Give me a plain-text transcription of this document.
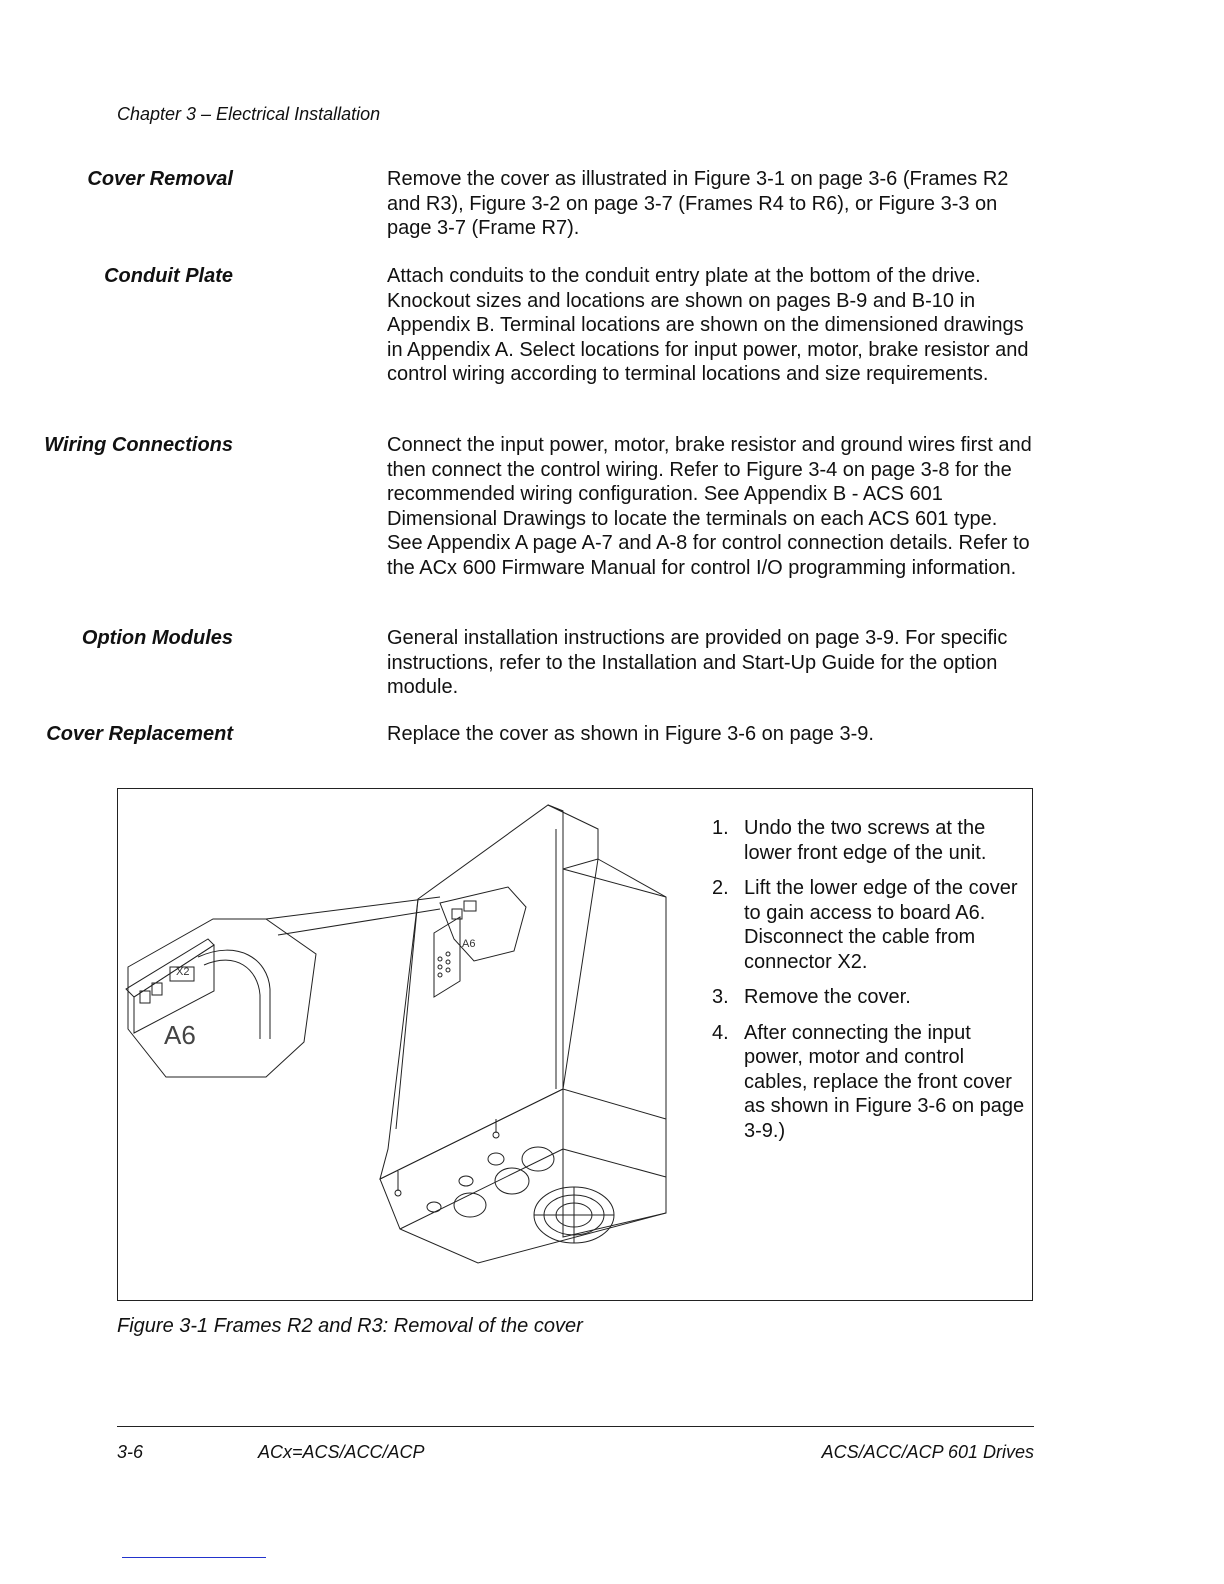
Chapter 3 – Electrical Installation
Cover Removal	Remove the cover as illustrated in Figure 3-1 on page 3-6 (Frames R2 and R3), Figure 3-2 on page 3-7 (Frames R4 to R6), or Figure 3-3 on page 3-7 (Frame R7).
Conduit Plate	Attach conduits to the conduit entry plate at the bottom of the drive. Knockout sizes and locations are shown on pages B-9 and B-10 in Appendix B. Terminal locations are shown on the dimensioned drawings in Appendix A. Select locations for input power, motor, brake resistor and control wiring according to terminal locations and size requirements.
Wiring Connections	Connect the input power, motor, brake resistor and ground wires first and then connect the control wiring. Refer to Figure 3-4 on page 3-8 for the recommended wiring configuration. See Appendix B - ACS 601 Dimensional Drawings to locate the terminals on each ACS 601 type. See Appendix A page A-7 and A-8 for control connection details. Refer to the ACx 600 Firmware Manual for control I/O programming information.
Option Modules	General installation instructions are provided on page 3-9. For specific instructions, refer to the Installation and Start-Up Guide for the option module.
Cover Replacement	Replace the cover as shown in Figure 3-6 on page 3-9.
A6
X2
A6
1. Undo the two screws at the lower front edge of the unit.
2. Lift the lower edge of the cover to gain access to board A6. Disconnect the cable from connector X2.
3. Remove the cover.
4. After connecting the input power, motor and control cables, replace the front cover as shown in Figure 3-6 on page 3-9.)
Figure 3-1 Frames R2 and R3: Removal of the cover
3-6	ACx=ACS/ACC/ACP	ACS/ACC/ACP 601 Drives
